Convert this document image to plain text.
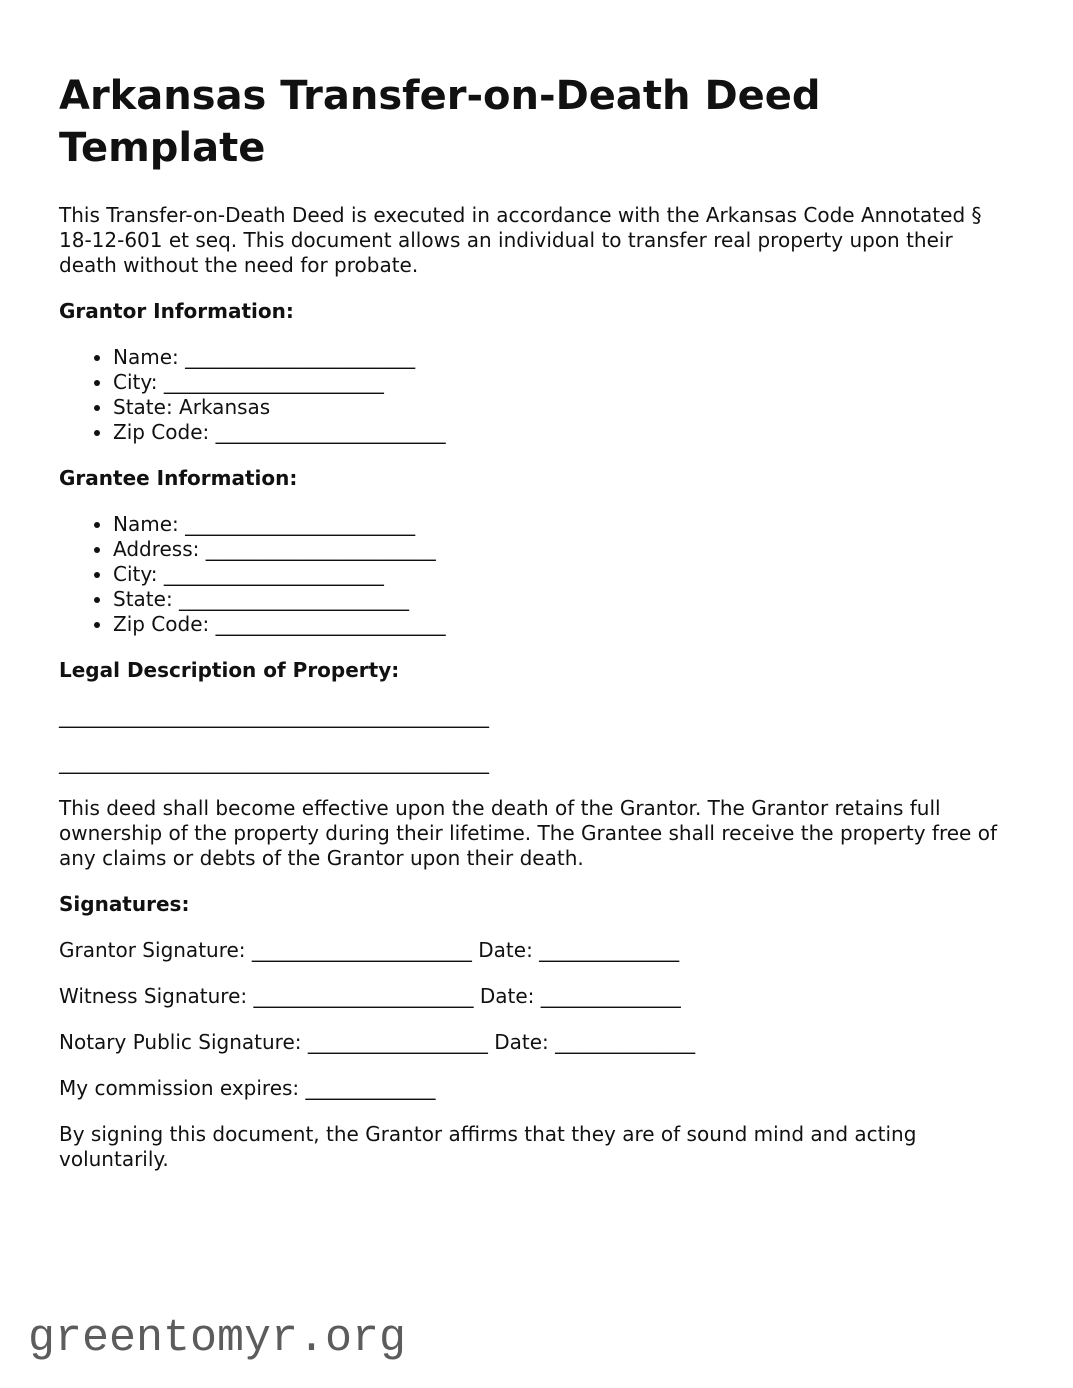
Arkansas Transfer-on-Death Deed Template

This Transfer-on-Death Deed is executed in accordance with the Arkansas Code Annotated § 18-12-601 et seq. This document allows an individual to transfer real property upon their death without the need for probate.

Grantor Information:
• Name: _______________________
• City: ______________________
• State: Arkansas
• Zip Code: _______________________
Grantee Information:
• Name: _______________________
• Address: _______________________
• City: ______________________
• State: _______________________
• Zip Code: _______________________
Legal Description of Property:

___________________________________________

___________________________________________

This deed shall become effective upon the death of the Grantor. The Grantor retains full ownership of the property during their lifetime. The Grantee shall receive the property free of any claims or debts of the Grantor upon their death.

Signatures:

Grantor Signature: ______________________ Date: ______________

Witness Signature: ______________________ Date: ______________

Notary Public Signature: __________________ Date: ______________

My commission expires: _____________

By signing this document, the Grantor affirms that they are of sound mind and acting voluntarily.

greentomyr.org
